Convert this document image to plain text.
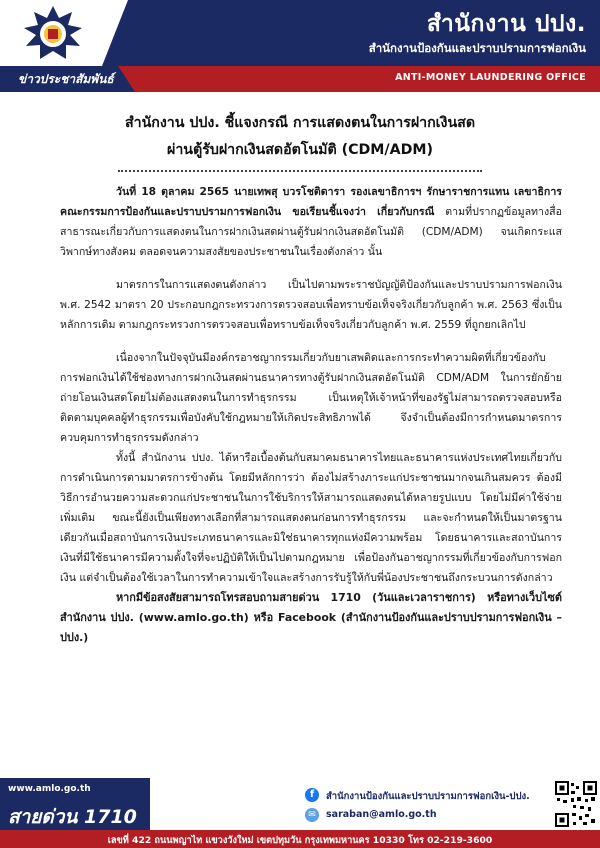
สำนักงาน ปปง.
สำนักงานป้องกันและปราบปรามการฟอกเงิน
ข่าวประชาสัมพันธ์	ANTI-MONEY LAUNDERING OFFICE
สำนักงาน ปปง. ชี้แจงกรณี การแสดงตนในการฝากเงินสด
ผ่านตู้รับฝากเงินสดอัตโนมัติ (CDM/ADM)

วันที่ 18 ตุลาคม 2565 นายเทพสุ บวรโชติดารา รองเลขาธิการฯ รักษาราชการแทน เลขาธิการคณะกรรมการป้องกันและปราบปรามการฟอกเงิน ขอเรียนชี้แจงว่า เกี่ยวกับกรณี ตามที่ปรากฏข้อมูลทางสื่อสาธารณะเกี่ยวกับการแสดงตนในการฝากเงินสดผ่านตู้รับฝากเงินสดอัตโนมัติ (CDM/ADM) จนเกิดกระแสวิพากษ์ทางสังคม ตลอดจนความสงสัยของประชาชนในเรื่องดังกล่าว นั้น

มาตรการในการแสดงตนดังกล่าว เป็นไปตามพระราชบัญญัติป้องกันและปราบปรามการฟอกเงิน พ.ศ. 2542 มาตรา 20 ประกอบกฎกระทรวงการตรวจสอบเพื่อทราบข้อเท็จจริงเกี่ยวกับลูกค้า พ.ศ. 2563 ซึ่งเป็นหลักการเดิม ตามกฎกระทรวงการตรวจสอบเพื่อทราบข้อเท็จจริงเกี่ยวกับลูกค้า พ.ศ. 2559 ที่ถูกยกเลิกไป

เนื่องจากในปัจจุบันมีองค์กรอาชญากรรมเกี่ยวกับยาเสพติดและการกระทำความผิดที่เกี่ยวข้องกับการฟอกเงินได้ใช้ช่องทางการฝากเงินสดผ่านธนาคารทางตู้รับฝากเงินสดอัตโนมัติ CDM/ADM ในการยักย้ายถ่ายโอนเงินสดโดยไม่ต้องแสดงตนในการทำธุรกรรม เป็นเหตุให้เจ้าหน้าที่ของรัฐไม่สามารถตรวจสอบหรือติดตามบุคคลผู้ทำธุรกรรมเพื่อบังคับใช้กฎหมายให้เกิดประสิทธิภาพได้ จึงจำเป็นต้องมีการกำหนดมาตรการควบคุมการทำธุรกรรมดังกล่าว

ทั้งนี้ สำนักงาน ปปง. ได้หารือเบื้องต้นกับสมาคมธนาคารไทยและธนาคารแห่งประเทศไทยเกี่ยวกับการดำเนินการตามมาตรการข้างต้น โดยมีหลักการว่า ต้องไม่สร้างภาระแก่ประชาชนมากจนเกินสมควร ต้องมีวิธีการอำนวยความสะดวกแก่ประชาชนในการใช้บริการให้สามารถแสดงตนได้หลายรูปแบบ โดยไม่มีค่าใช้จ่ายเพิ่มเติม ขณะนี้ยังเป็นเพียงทางเลือกที่สามารถแสดงตนก่อนการทำธุรกรรม และจะกำหนดให้เป็นมาตรฐานเดียวกันเมื่อสถาบันการเงินประเภทธนาคารและมิใช่ธนาคารทุกแห่งมีความพร้อม โดยธนาคารและสถาบันการเงินที่มีใช้ธนาคารมีความตั้งใจที่จะปฏิบัติให้เป็นไปตามกฎหมาย เพื่อป้องกันอาชญากรรมที่เกี่ยวข้องกับการฟอกเงิน แต่จำเป็นต้องใช้เวลาในการทำความเข้าใจและสร้างการรับรู้ให้กับพี่น้องประชาชนถึงกระบวนการดังกล่าว

หากมีข้อสงสัยสามารถโทรสอบถามสายด่วน 1710 (วันและเวลาราชการ) หรือทางเว็บไซต์สำนักงาน ปปง. (www.amlo.go.th) หรือ Facebook (สำนักงานป้องกันและปราบปรามการฟอกเงิน – ปปง.)

www.amlo.go.th
สายด่วน 1710
f	สำนักงานป้องกันและปราบปรามการฟอกเงิน-ปปง.
✉	saraban@amlo.go.th
เลขที่ 422 ถนนพญาไท แขวงวังใหม่ เขตปทุมวัน กรุงเทพมหานคร 10330 โทร 02-219-3600
